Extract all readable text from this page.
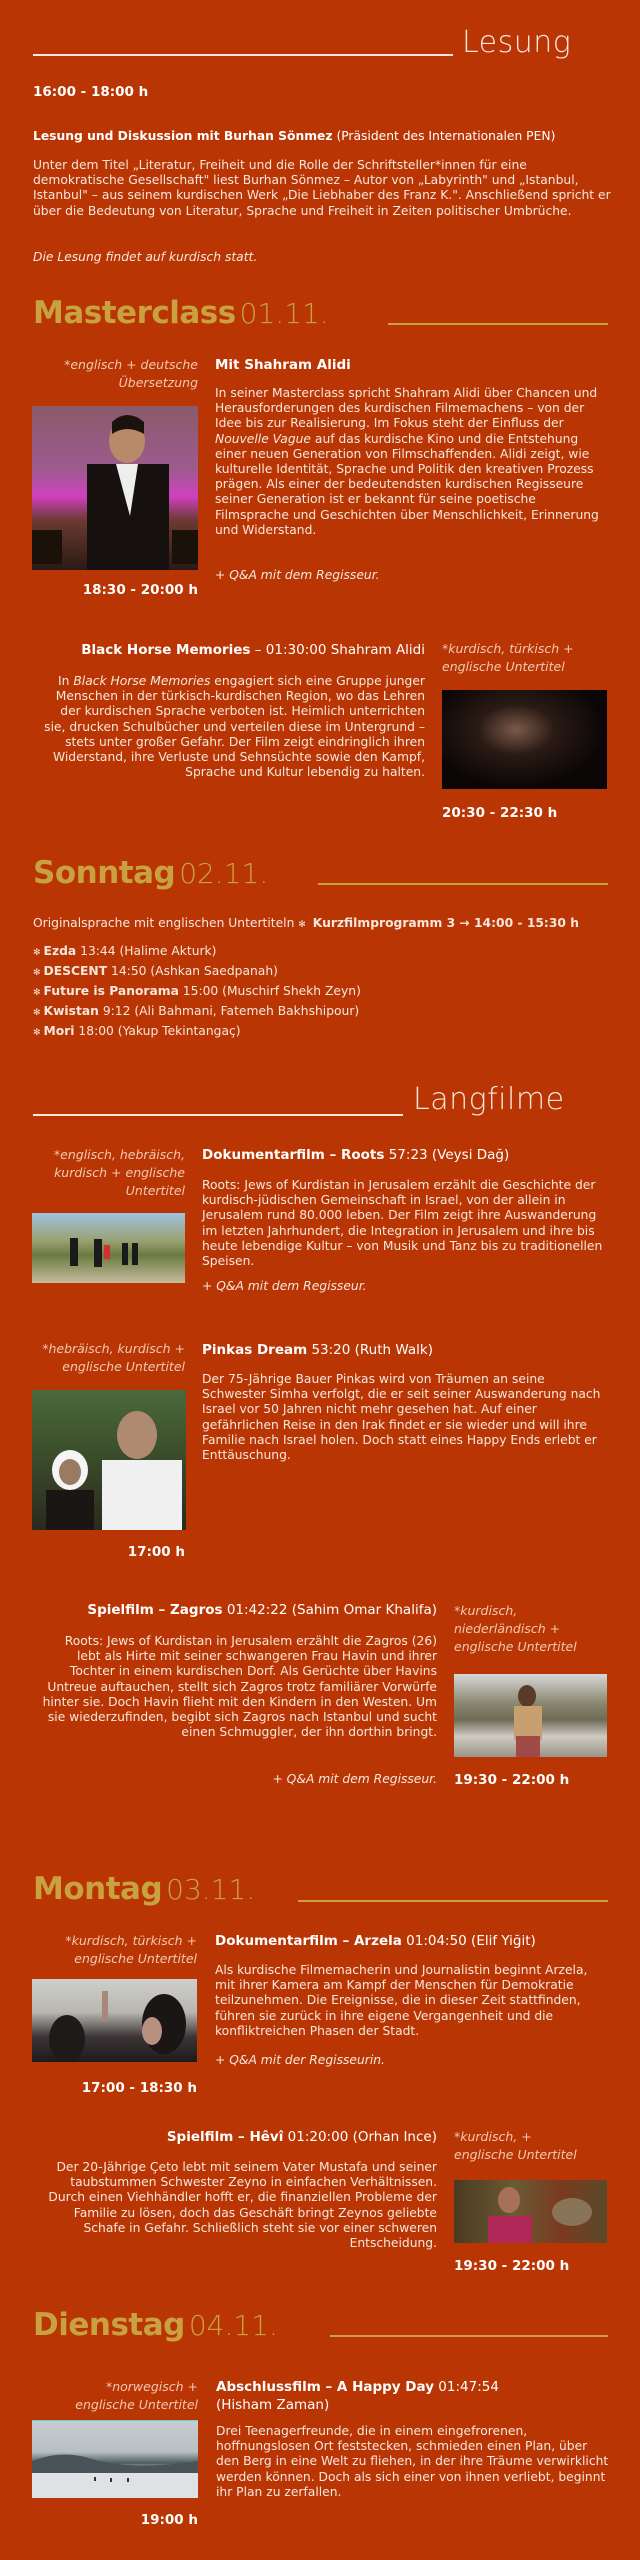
Lesung
16:00 - 18:00 h
Lesung und Diskussion mit Burhan Sönmez (Präsident des Internationalen PEN)
Unter dem Titel „Literatur, Freiheit und die Rolle der Schriftsteller*innen für eine demokratische Gesellschaft" liest Burhan Sönmez – Autor von „Labyrinth" und „Istanbul, Istanbul" – aus seinem kurdischen Werk „Die Liebhaber des Franz K.". Anschließend spricht er über die Bedeutung von Literatur, Sprache und Freiheit in Zeiten politischer Umbrüche.
Die Lesung findet auf kurdisch statt.
Masterclass 01.11.
*englisch + deutsche Übersetzung
18:30 - 20:00 h
Mit Shahram Alidi
In seiner Masterclass spricht Shahram Alidi über Chancen und Herausforderungen des kurdischen Filmemachens – von der Idee bis zur Realisierung. Im Fokus steht der Einfluss der Nouvelle Vague auf das kurdische Kino und die Entstehung einer neuen Generation von Filmschaffenden. Alidi zeigt, wie kulturelle Identität, Sprache und Politik den kreativen Prozess prägen. Als einer der bedeutendsten kurdischen Regisseure seiner Generation ist er bekannt für seine poetische Filmsprache und Geschichten über Menschlichkeit, Erinnerung und Widerstand.
+ Q&A mit dem Regisseur.
Black Horse Memories – 01:30:00 Shahram Alidi
In Black Horse Memories engagiert sich eine Gruppe junger Menschen in der türkisch-kurdischen Region, wo das Lehren der kurdischen Sprache verboten ist. Heimlich unterrichten sie, drucken Schulbücher und verteilen diese im Untergrund – stets unter großer Gefahr. Der Film zeigt eindringlich ihren Widerstand, ihre Verluste und Sehnsüchte sowie den Kampf, Sprache und Kultur lebendig zu halten.
*kurdisch, türkisch + englische Untertitel
20:30 - 22:30 h
Sonntag 02.11.
Originalsprache mit englischen Untertiteln ✻ Kurzfilmprogramm 3 → 14:00 - 15:30 h
✻ Ezda 13:44 (Halime Akturk)
✻ DESCENT 14:50 (Ashkan Saedpanah)
✻ Future is Panorama 15:00 (Muschirf Shekh Zeyn)
✻ Kwistan 9:12 (Ali Bahmani, Fatemeh Bakhshipour)
✻ Mori 18:00 (Yakup Tekintangaç)
Langfilme
*englisch, hebräisch, kurdisch + englische Untertitel
Dokumentarfilm – Roots 57:23 (Veysi Dağ)
Roots: Jews of Kurdistan in Jerusalem erzählt die Geschichte der kurdisch-jüdischen Gemeinschaft in Israel, von der allein in Jerusalem rund 80.000 leben. Der Film zeigt ihre Auswanderung im letzten Jahrhundert, die Integration in Jerusalem und ihre bis heute lebendige Kultur – von Musik und Tanz bis zu traditionellen Speisen.
+ Q&A mit dem Regisseur.
*hebräisch, kurdisch + englische Untertitel
17:00 h
Pinkas Dream 53:20 (Ruth Walk)
Der 75-Jährige Bauer Pinkas wird von Träumen an seine Schwester Simha verfolgt, die er seit seiner Auswanderung nach Israel vor 50 Jahren nicht mehr gesehen hat. Auf einer gefährlichen Reise in den Irak findet er sie wieder und will ihre Familie nach Israel holen. Doch statt eines Happy Ends erlebt er Enttäuschung.
Spielfilm – Zagros 01:42:22 (Sahim Omar Khalifa)
Roots: Jews of Kurdistan in Jerusalem erzählt die Zagros (26) lebt als Hirte mit seiner schwangeren Frau Havin und ihrer Tochter in einem kurdischen Dorf. Als Gerüchte über Havins Untreue auftauchen, stellt sich Zagros trotz familiärer Vorwürfe hinter sie. Doch Havin flieht mit den Kindern in den Westen. Um sie wiederzufinden, begibt sich Zagros nach Istanbul und sucht einen Schmuggler, der ihn dorthin bringt.
+ Q&A mit dem Regisseur.
*kurdisch, niederländisch + englische Untertitel
19:30 - 22:00 h
Montag 03.11.
*kurdisch, türkisch + englische Untertitel
17:00 - 18:30 h
Dokumentarfilm – Arzela 01:04:50 (Elif Yiğit)
Als kurdische Filmemacherin und Journalistin beginnt Arzela, mit ihrer Kamera am Kampf der Menschen für Demokratie teilzunehmen. Die Ereignisse, die in dieser Zeit stattfinden, führen sie zurück in ihre eigene Vergangenheit und die konfliktreichen Phasen der Stadt.
+ Q&A mit der Regisseurin.
Spielfilm – Hêvî 01:20:00 (Orhan Ince)
Der 20-Jährige Çeto lebt mit seinem Vater Mustafa und seiner taubstummen Schwester Zeyno in einfachen Verhältnissen. Durch einen Viehhändler hofft er, die finanziellen Probleme der Familie zu lösen, doch das Geschäft bringt Zeynos geliebte Schafe in Gefahr. Schließlich steht sie vor einer schweren Entscheidung.
*kurdisch, + englische Untertitel
19:30 - 22:00 h
Dienstag 04.11.
*norwegisch + englische Untertitel
19:00 h
Abschlussfilm – A Happy Day 01:47:54
(Hisham Zaman)
Drei Teenagerfreunde, die in einem eingefrorenen, hoffnungslosen Ort feststecken, schmieden einen Plan, über den Berg in eine Welt zu fliehen, in der ihre Träume verwirklicht werden können. Doch als sich einer von ihnen verliebt, beginnt ihr Plan zu zerfallen.
